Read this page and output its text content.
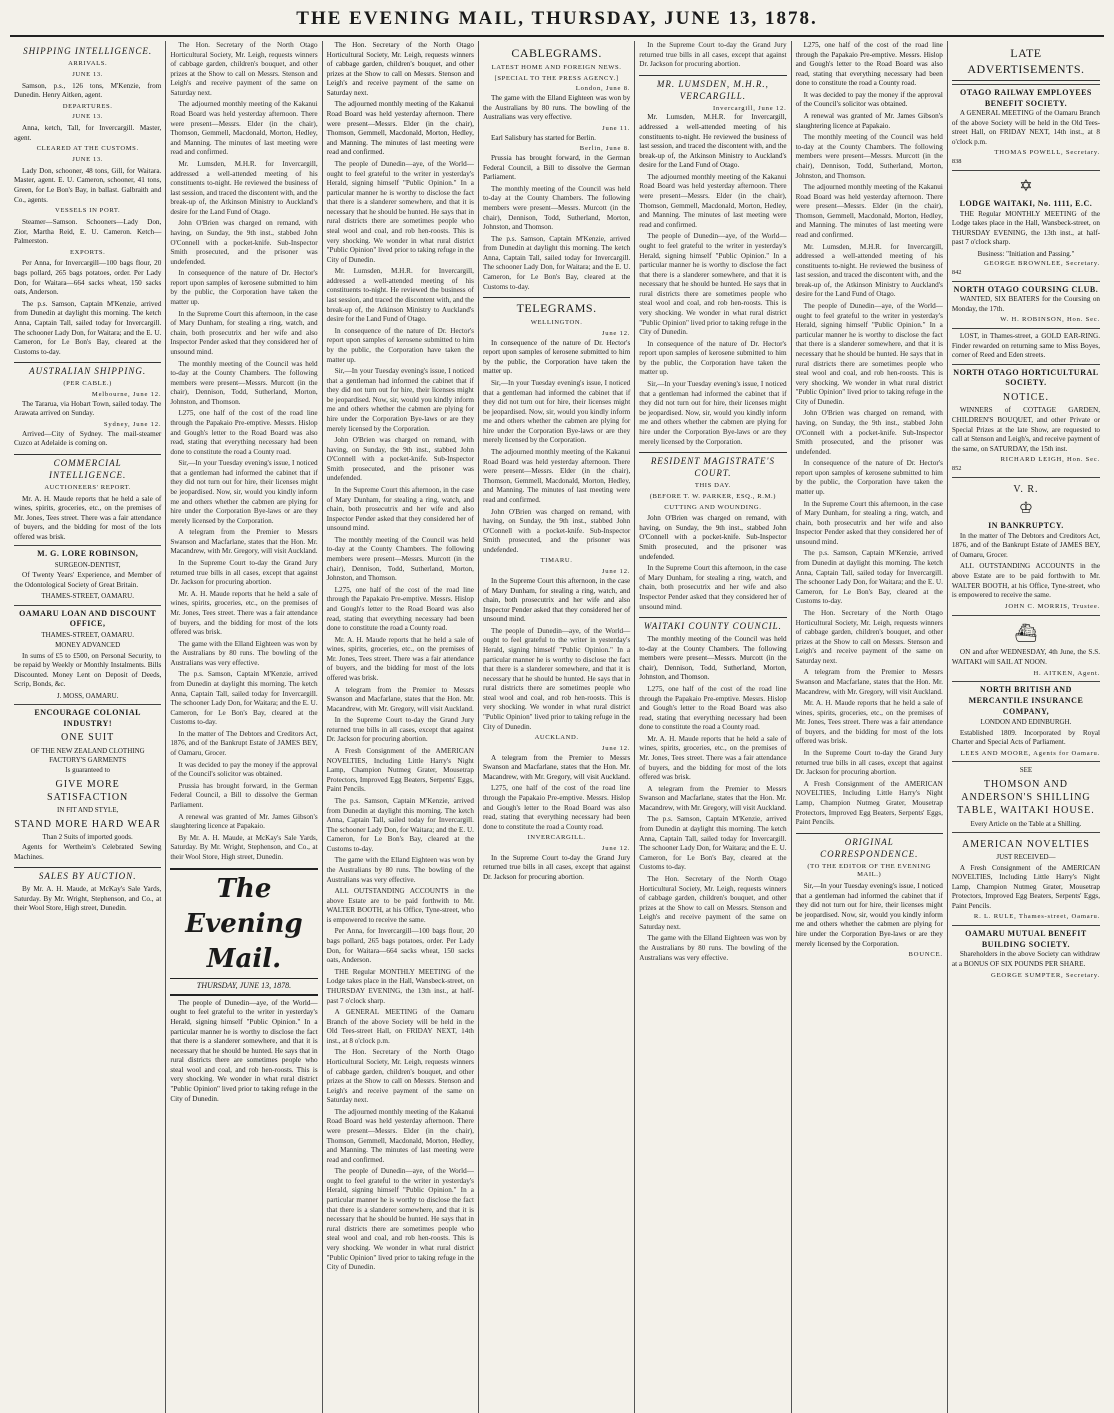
THE EVENING MAIL, THURSDAY, JUNE 13, 1878.
SHIPPING INTELLIGENCE.
ARRIVALS.
JUNE 13.

Samson, p.s., 126 tons, M'Kenzie, from Dunedin. Henry Aitken, agent.

DEPARTURES.
JUNE 13.

Anna, ketch, Tall, for Invercargill. Master, agent.

CLEARED AT THE CUSTOMS.
JUNE 13.

Lady Don, schooner, 48 tons, Gill, for Waitara. Master, agent. E. U. Cameron, schooner, 41 tons, Green, for Le Bon's Bay, in ballast. Galbraith and Co., agents.

VESSELS IN PORT.

Steamer—Samson. Schooners—Lady Don, Zior, Martha Reid, E. U. Cameron. Ketch—Palmerston.

EXPORTS.

Per Anna, for Invercargill—100 bags flour, 20 bags pollard, 265 bags potatoes, order. Per Lady Don, for Waitara—664 sacks wheat, 150 sacks oats, Anderson.

The p.s. Samson, Captain M'Kenzie, arrived from Dunedin at daylight this morning. The ketch Anna, Captain Tall, sailed today for Invercargill. The schooner Lady Don, for Waitara; and the E. U. Cameron, for Le Bon's Bay, cleared at the Customs to-day.

AUSTRALIAN SHIPPING.
(PER CABLE.)
Melbourne, June 12.

The Tararua, via Hobart Town, sailed today. The Arawata arrived on Sunday.

Sydney, June 12.

Arrived—City of Sydney. The mail-steamer Cuzco at Adelaide is coming on.

COMMERCIAL INTELLIGENCE.
AUCTIONEERS' REPORT.

Mr. A. H. Maude reports that he held a sale of wines, spirits, groceries, etc., on the premises of Mr. Jones, Tees street. There was a fair attendance of buyers, and the bidding for most of the lots offered was brisk.

M. G. LORE ROBINSON,
SURGEON-DENTIST,

Of Twenty Years' Experience, and Member of the Odontological Society of Great Britain.

THAMES-STREET, OAMARU.
OAMARU LOAN AND DISCOUNT OFFICE,
THAMES-STREET, OAMARU.
MONEY ADVANCED

In sums of £5 to £500, on Personal Security, to be repaid by Weekly or Monthly Instalments. Bills Discounted. Money Lent on Deposit of Deeds, Scrip, Bonds, &c.

J. MOSS, OAMARU.
ENCOURAGE COLONIAL INDUSTRY!
ONE SUIT
OF THE NEW ZEALAND CLOTHING FACTORY'S GARMENTS
Is guaranteed to
GIVE MORE SATISFACTION
IN FIT AND STYLE,
STAND MORE HARD WEAR
Than 2 Suits of imported goods.

Agents for Wertheim's Celebrated Sewing Machines.

SALES BY AUCTION.

By Mr. A. H. Maude, at McKay's Sale Yards, Saturday. By Mr. Wright, Stephenson, and Co., at their Wool Store, High street, Dunedin.

The Hon. Secretary of the North Otago Horticultural Society, Mr. Leigh, requests winners of cabbage garden, children's bouquet, and other prizes at the Show to call on Messrs. Stenson and Leigh's and receive payment of the same on Saturday next.

The adjourned monthly meeting of the Kakanui Road Board was held yesterday afternoon. There were present—Messrs. Elder (in the chair), Thomson, Gemmell, Macdonald, Morton, Hedley, and Manning. The minutes of last meeting were read and confirmed.

Mr. Lumsden, M.H.R. for Invercargill, addressed a well-attended meeting of his constituents to-night. He reviewed the business of last session, and traced the discontent with, and the break-up of, the Atkinson Ministry to Auckland's desire for the Land Fund of Otago.

John O'Brien was charged on remand, with having, on Sunday, the 9th inst., stabbed John O'Connell with a pocket-knife. Sub-Inspector Smith prosecuted, and the prisoner was undefended.

In consequence of the nature of Dr. Hector's report upon samples of kerosene submitted to him by the public, the Corporation have taken the matter up.

In the Supreme Court this afternoon, in the case of Mary Dunham, for stealing a ring, watch, and chain, both prosecutrix and her wife and also Inspector Pender asked that they considered her of unsound mind.

The monthly meeting of the Council was held to-day at the County Chambers. The following members were present—Messrs. Murcott (in the chair), Dennison, Todd, Sutherland, Morton, Johnston, and Thomson.

L275, one half of the cost of the road line through the Papakaio Pre-emptive. Messrs. Hislop and Gough's letter to the Road Board was also read, stating that everything necessary had been done to constitute the road a County road.

Sir,—In your Tuesday evening's issue, I noticed that a gentleman had informed the cabinet that if they did not turn out for hire, their licenses might be jeopardised. Now, sir, would you kindly inform me and others whether the cabmen are plying for hire under the Corporation Bye-laws or are they merely licensed by the Corporation.

A telegram from the Premier to Messrs Swanson and Macfarlane, states that the Hon. Mr. Macandrew, with Mr. Gregory, will visit Auckland.

In the Supreme Court to-day the Grand Jury returned true bills in all cases, except that against Dr. Jackson for procuring abortion.

Mr. A. H. Maude reports that he held a sale of wines, spirits, groceries, etc., on the premises of Mr. Jones, Tees street. There was a fair attendance of buyers, and the bidding for most of the lots offered was brisk.

The game with the Elland Eighteen was won by the Australians by 80 runs. The bowling of the Australians was very effective.

The p.s. Samson, Captain M'Kenzie, arrived from Dunedin at daylight this morning. The ketch Anna, Captain Tall, sailed today for Invercargill. The schooner Lady Don, for Waitara; and the E. U. Cameron, for Le Bon's Bay, cleared at the Customs to-day.

In the matter of The Debtors and Creditors Act, 1876, and of the Bankrupt Estate of JAMES BEY, of Oamaru, Grocer.

It was decided to pay the money if the approval of the Council's solicitor was obtained.

Prussia has brought forward, in the German Federal Council, a Bill to dissolve the German Parliament.

A renewal was granted of Mr. James Gibson's slaughtering licence at Papakaio.

By Mr. A. H. Maude, at McKay's Sale Yards, Saturday. By Mr. Wright, Stephenson, and Co., at their Wool Store, High street, Dunedin.

The Evening Mail.
THURSDAY, JUNE 13, 1878.

The people of Dunedin—aye, of the World—ought to feel grateful to the writer in yesterday's Herald, signing himself "Public Opinion." In a particular manner he is worthy to disclose the fact that there is a slanderer somewhere, and that it is necessary that he should be hunted. He says that in rural districts there are sometimes people who steal wool and coal, and rob hen-roosts. This is very shocking. We wonder in what rural district "Public Opinion" lived prior to taking refuge in the City of Dunedin.

The Hon. Secretary of the North Otago Horticultural Society, Mr. Leigh, requests winners of cabbage garden, children's bouquet, and other prizes at the Show to call on Messrs. Stenson and Leigh's and receive payment of the same on Saturday next.

The adjourned monthly meeting of the Kakanui Road Board was held yesterday afternoon. There were present—Messrs. Elder (in the chair), Thomson, Gemmell, Macdonald, Morton, Hedley, and Manning. The minutes of last meeting were read and confirmed.

The people of Dunedin—aye, of the World—ought to feel grateful to the writer in yesterday's Herald, signing himself "Public Opinion." In a particular manner he is worthy to disclose the fact that there is a slanderer somewhere, and that it is necessary that he should be hunted. He says that in rural districts there are sometimes people who steal wool and coal, and rob hen-roosts. This is very shocking. We wonder in what rural district "Public Opinion" lived prior to taking refuge in the City of Dunedin.

Mr. Lumsden, M.H.R. for Invercargill, addressed a well-attended meeting of his constituents to-night. He reviewed the business of last session, and traced the discontent with, and the break-up of, the Atkinson Ministry to Auckland's desire for the Land Fund of Otago.

In consequence of the nature of Dr. Hector's report upon samples of kerosene submitted to him by the public, the Corporation have taken the matter up.

Sir,—In your Tuesday evening's issue, I noticed that a gentleman had informed the cabinet that if they did not turn out for hire, their licenses might be jeopardised. Now, sir, would you kindly inform me and others whether the cabmen are plying for hire under the Corporation Bye-laws or are they merely licensed by the Corporation.

John O'Brien was charged on remand, with having, on Sunday, the 9th inst., stabbed John O'Connell with a pocket-knife. Sub-Inspector Smith prosecuted, and the prisoner was undefended.

In the Supreme Court this afternoon, in the case of Mary Dunham, for stealing a ring, watch, and chain, both prosecutrix and her wife and also Inspector Pender asked that they considered her of unsound mind.

The monthly meeting of the Council was held to-day at the County Chambers. The following members were present—Messrs. Murcott (in the chair), Dennison, Todd, Sutherland, Morton, Johnston, and Thomson.

L275, one half of the cost of the road line through the Papakaio Pre-emptive. Messrs. Hislop and Gough's letter to the Road Board was also read, stating that everything necessary had been done to constitute the road a County road.

Mr. A. H. Maude reports that he held a sale of wines, spirits, groceries, etc., on the premises of Mr. Jones, Tees street. There was a fair attendance of buyers, and the bidding for most of the lots offered was brisk.

A telegram from the Premier to Messrs Swanson and Macfarlane, states that the Hon. Mr. Macandrew, with Mr. Gregory, will visit Auckland.

In the Supreme Court to-day the Grand Jury returned true bills in all cases, except that against Dr. Jackson for procuring abortion.

A Fresh Consignment of the AMERICAN NOVELTIES, Including Little Harry's Night Lamp, Champion Nutmeg Grater, Mousetrap Protectors, Improved Egg Beaters, Serpents' Eggs, Paint Pencils.

The p.s. Samson, Captain M'Kenzie, arrived from Dunedin at daylight this morning. The ketch Anna, Captain Tall, sailed today for Invercargill. The schooner Lady Don, for Waitara; and the E. U. Cameron, for Le Bon's Bay, cleared at the Customs to-day.

The game with the Elland Eighteen was won by the Australians by 80 runs. The bowling of the Australians was very effective.

ALL OUTSTANDING ACCOUNTS in the above Estate are to be paid forthwith to Mr. WALTER BOOTH, at his Office, Tyne-street, who is empowered to receive the same.

Per Anna, for Invercargill—100 bags flour, 20 bags pollard, 265 bags potatoes, order. Per Lady Don, for Waitara—664 sacks wheat, 150 sacks oats, Anderson.

THE Regular MONTHLY MEETING of the Lodge takes place in the Hall, Wansbeck-street, on THURSDAY EVENING, the 13th inst., at half-past 7 o'clock sharp.

A GENERAL MEETING of the Oamaru Branch of the above Society will be held in the Old Tees-street Hall, on FRIDAY NEXT, 14th inst., at 8 o'clock p.m.

The Hon. Secretary of the North Otago Horticultural Society, Mr. Leigh, requests winners of cabbage garden, children's bouquet, and other prizes at the Show to call on Messrs. Stenson and Leigh's and receive payment of the same on Saturday next.

The adjourned monthly meeting of the Kakanui Road Board was held yesterday afternoon. There were present—Messrs. Elder (in the chair), Thomson, Gemmell, Macdonald, Morton, Hedley, and Manning. The minutes of last meeting were read and confirmed.

The people of Dunedin—aye, of the World—ought to feel grateful to the writer in yesterday's Herald, signing himself "Public Opinion." In a particular manner he is worthy to disclose the fact that there is a slanderer somewhere, and that it is necessary that he should be hunted. He says that in rural districts there are sometimes people who steal wool and coal, and rob hen-roosts. This is very shocking. We wonder in what rural district "Public Opinion" lived prior to taking refuge in the City of Dunedin.

CABLEGRAMS.
LATEST HOME AND FOREIGN NEWS.
[SPECIAL TO THE PRESS AGENCY.]
London, June 8.

The game with the Elland Eighteen was won by the Australians by 80 runs. The bowling of the Australians was very effective.

June 11.

Earl Salisbury has started for Berlin.

Berlin, June 8.

Prussia has brought forward, in the German Federal Council, a Bill to dissolve the German Parliament.

The monthly meeting of the Council was held to-day at the County Chambers. The following members were present—Messrs. Murcott (in the chair), Dennison, Todd, Sutherland, Morton, Johnston, and Thomson.

The p.s. Samson, Captain M'Kenzie, arrived from Dunedin at daylight this morning. The ketch Anna, Captain Tall, sailed today for Invercargill. The schooner Lady Don, for Waitara; and the E. U. Cameron, for Le Bon's Bay, cleared at the Customs to-day.

TELEGRAMS.
WELLINGTON.
June 12.

In consequence of the nature of Dr. Hector's report upon samples of kerosene submitted to him by the public, the Corporation have taken the matter up.

Sir,—In your Tuesday evening's issue, I noticed that a gentleman had informed the cabinet that if they did not turn out for hire, their licenses might be jeopardised. Now, sir, would you kindly inform me and others whether the cabmen are plying for hire under the Corporation Bye-laws or are they merely licensed by the Corporation.

The adjourned monthly meeting of the Kakanui Road Board was held yesterday afternoon. There were present—Messrs. Elder (in the chair), Thomson, Gemmell, Macdonald, Morton, Hedley, and Manning. The minutes of last meeting were read and confirmed.

John O'Brien was charged on remand, with having, on Sunday, the 9th inst., stabbed John O'Connell with a pocket-knife. Sub-Inspector Smith prosecuted, and the prisoner was undefended.

TIMARU.
June 12.

In the Supreme Court this afternoon, in the case of Mary Dunham, for stealing a ring, watch, and chain, both prosecutrix and her wife and also Inspector Pender asked that they considered her of unsound mind.

The people of Dunedin—aye, of the World—ought to feel grateful to the writer in yesterday's Herald, signing himself "Public Opinion." In a particular manner he is worthy to disclose the fact that there is a slanderer somewhere, and that it is necessary that he should be hunted. He says that in rural districts there are sometimes people who steal wool and coal, and rob hen-roosts. This is very shocking. We wonder in what rural district "Public Opinion" lived prior to taking refuge in the City of Dunedin.

AUCKLAND.
June 12.

A telegram from the Premier to Messrs Swanson and Macfarlane, states that the Hon. Mr. Macandrew, with Mr. Gregory, will visit Auckland.

L275, one half of the cost of the road line through the Papakaio Pre-emptive. Messrs. Hislop and Gough's letter to the Road Board was also read, stating that everything necessary had been done to constitute the road a County road.

INVERCARGILL.
June 12.

In the Supreme Court to-day the Grand Jury returned true bills in all cases, except that against Dr. Jackson for procuring abortion.

In the Supreme Court to-day the Grand Jury returned true bills in all cases, except that against Dr. Jackson for procuring abortion.

MR. LUMSDEN, M.H.R., VERCARGILL.
Invercargill, June 12.

Mr. Lumsden, M.H.R. for Invercargill, addressed a well-attended meeting of his constituents to-night. He reviewed the business of last session, and traced the discontent with, and the break-up of, the Atkinson Ministry to Auckland's desire for the Land Fund of Otago.

The adjourned monthly meeting of the Kakanui Road Board was held yesterday afternoon. There were present—Messrs. Elder (in the chair), Thomson, Gemmell, Macdonald, Morton, Hedley, and Manning. The minutes of last meeting were read and confirmed.

The people of Dunedin—aye, of the World—ought to feel grateful to the writer in yesterday's Herald, signing himself "Public Opinion." In a particular manner he is worthy to disclose the fact that there is a slanderer somewhere, and that it is necessary that he should be hunted. He says that in rural districts there are sometimes people who steal wool and coal, and rob hen-roosts. This is very shocking. We wonder in what rural district "Public Opinion" lived prior to taking refuge in the City of Dunedin.

In consequence of the nature of Dr. Hector's report upon samples of kerosene submitted to him by the public, the Corporation have taken the matter up.

Sir,—In your Tuesday evening's issue, I noticed that a gentleman had informed the cabinet that if they did not turn out for hire, their licenses might be jeopardised. Now, sir, would you kindly inform me and others whether the cabmen are plying for hire under the Corporation Bye-laws or are they merely licensed by the Corporation.

RESIDENT MAGISTRATE'S COURT.
THIS DAY.
(BEFORE T. W. PARKER, ESQ., R.M.)
CUTTING AND WOUNDING.

John O'Brien was charged on remand, with having, on Sunday, the 9th inst., stabbed John O'Connell with a pocket-knife. Sub-Inspector Smith prosecuted, and the prisoner was undefended.

In the Supreme Court this afternoon, in the case of Mary Dunham, for stealing a ring, watch, and chain, both prosecutrix and her wife and also Inspector Pender asked that they considered her of unsound mind.

WAITAKI COUNTY COUNCIL.

The monthly meeting of the Council was held to-day at the County Chambers. The following members were present—Messrs. Murcott (in the chair), Dennison, Todd, Sutherland, Morton, Johnston, and Thomson.

L275, one half of the cost of the road line through the Papakaio Pre-emptive. Messrs. Hislop and Gough's letter to the Road Board was also read, stating that everything necessary had been done to constitute the road a County road.

Mr. A. H. Maude reports that he held a sale of wines, spirits, groceries, etc., on the premises of Mr. Jones, Tees street. There was a fair attendance of buyers, and the bidding for most of the lots offered was brisk.

A telegram from the Premier to Messrs Swanson and Macfarlane, states that the Hon. Mr. Macandrew, with Mr. Gregory, will visit Auckland.

The p.s. Samson, Captain M'Kenzie, arrived from Dunedin at daylight this morning. The ketch Anna, Captain Tall, sailed today for Invercargill. The schooner Lady Don, for Waitara; and the E. U. Cameron, for Le Bon's Bay, cleared at the Customs to-day.

The Hon. Secretary of the North Otago Horticultural Society, Mr. Leigh, requests winners of cabbage garden, children's bouquet, and other prizes at the Show to call on Messrs. Stenson and Leigh's and receive payment of the same on Saturday next.

The game with the Elland Eighteen was won by the Australians by 80 runs. The bowling of the Australians was very effective.

L275, one half of the cost of the road line through the Papakaio Pre-emptive. Messrs. Hislop and Gough's letter to the Road Board was also read, stating that everything necessary had been done to constitute the road a County road.

It was decided to pay the money if the approval of the Council's solicitor was obtained.

A renewal was granted of Mr. James Gibson's slaughtering licence at Papakaio.

The monthly meeting of the Council was held to-day at the County Chambers. The following members were present—Messrs. Murcott (in the chair), Dennison, Todd, Sutherland, Morton, Johnston, and Thomson.

The adjourned monthly meeting of the Kakanui Road Board was held yesterday afternoon. There were present—Messrs. Elder (in the chair), Thomson, Gemmell, Macdonald, Morton, Hedley, and Manning. The minutes of last meeting were read and confirmed.

Mr. Lumsden, M.H.R. for Invercargill, addressed a well-attended meeting of his constituents to-night. He reviewed the business of last session, and traced the discontent with, and the break-up of, the Atkinson Ministry to Auckland's desire for the Land Fund of Otago.

The people of Dunedin—aye, of the World—ought to feel grateful to the writer in yesterday's Herald, signing himself "Public Opinion." In a particular manner he is worthy to disclose the fact that there is a slanderer somewhere, and that it is necessary that he should be hunted. He says that in rural districts there are sometimes people who steal wool and coal, and rob hen-roosts. This is very shocking. We wonder in what rural district "Public Opinion" lived prior to taking refuge in the City of Dunedin.

John O'Brien was charged on remand, with having, on Sunday, the 9th inst., stabbed John O'Connell with a pocket-knife. Sub-Inspector Smith prosecuted, and the prisoner was undefended.

In consequence of the nature of Dr. Hector's report upon samples of kerosene submitted to him by the public, the Corporation have taken the matter up.

In the Supreme Court this afternoon, in the case of Mary Dunham, for stealing a ring, watch, and chain, both prosecutrix and her wife and also Inspector Pender asked that they considered her of unsound mind.

The p.s. Samson, Captain M'Kenzie, arrived from Dunedin at daylight this morning. The ketch Anna, Captain Tall, sailed today for Invercargill. The schooner Lady Don, for Waitara; and the E. U. Cameron, for Le Bon's Bay, cleared at the Customs to-day.

The Hon. Secretary of the North Otago Horticultural Society, Mr. Leigh, requests winners of cabbage garden, children's bouquet, and other prizes at the Show to call on Messrs. Stenson and Leigh's and receive payment of the same on Saturday next.

A telegram from the Premier to Messrs Swanson and Macfarlane, states that the Hon. Mr. Macandrew, with Mr. Gregory, will visit Auckland.

Mr. A. H. Maude reports that he held a sale of wines, spirits, groceries, etc., on the premises of Mr. Jones, Tees street. There was a fair attendance of buyers, and the bidding for most of the lots offered was brisk.

In the Supreme Court to-day the Grand Jury returned true bills in all cases, except that against Dr. Jackson for procuring abortion.

A Fresh Consignment of the AMERICAN NOVELTIES, Including Little Harry's Night Lamp, Champion Nutmeg Grater, Mousetrap Protectors, Improved Egg Beaters, Serpents' Eggs, Paint Pencils.

ORIGINAL CORRESPONDENCE.
(TO THE EDITOR OF THE EVENING MAIL.)

Sir,—In your Tuesday evening's issue, I noticed that a gentleman had informed the cabinet that if they did not turn out for hire, their licenses might be jeopardised. Now, sir, would you kindly inform me and others whether the cabmen are plying for hire under the Corporation Bye-laws or are they merely licensed by the Corporation.

BOUNCE.
LATE ADVERTISEMENTS.
OTAGO RAILWAY EMPLOYEES BENEFIT SOCIETY.

A GENERAL MEETING of the Oamaru Branch of the above Society will be held in the Old Tees-street Hall, on FRIDAY NEXT, 14th inst., at 8 o'clock p.m.

THOMAS POWELL, Secretary.
838
✡
LODGE WAITAKI, No. 1111, E.C.

THE Regular MONTHLY MEETING of the Lodge takes place in the Hall, Wansbeck-street, on THURSDAY EVENING, the 13th inst., at half-past 7 o'clock sharp.

Business: "Initiation and Passing."
GEORGE BROWNLEE, Secretary.
842
NORTH OTAGO COURSING CLUB.

WANTED, SIX BEATERS for the Coursing on Monday, the 17th.

W. H. ROBINSON, Hon. Sec.

LOST, in Thames-street, a GOLD EAR-RING. Finder rewarded on returning same to Miss Boyes, corner of Reed and Eden streets.

NORTH OTAGO HORTICULTURAL SOCIETY.
NOTICE.

WINNERS of COTTAGE GARDEN, CHILDREN'S BOUQUET, and other Private or Special Prizes at the late Show, are requested to call at Stenson and Leigh's, and receive payment of the same, on SATURDAY, the 15th inst.

RICHARD LEIGH, Hon. Sec.
852
V. R.
♔
IN BANKRUPTCY.

In the matter of The Debtors and Creditors Act, 1876, and of the Bankrupt Estate of JAMES BEY, of Oamaru, Grocer.

ALL OUTSTANDING ACCOUNTS in the above Estate are to be paid forthwith to Mr. WALTER BOOTH, at his Office, Tyne-street, who is empowered to receive the same.

JOHN C. MORRIS, Trustee.
⛴

ON and after WEDNESDAY, 4th June, the S.S. WAITAKI will SAIL AT NOON.

H. AITKEN, Agent.
NORTH BRITISH AND MERCANTILE INSURANCE COMPANY,
LONDON AND EDINBURGH.

Established 1809. Incorporated by Royal Charter and Special Acts of Parliament.

LEES AND MOORE, Agents for Oamaru.
SEE
THOMSON AND ANDERSON'S SHILLING TABLE, WAITAKI HOUSE.
Every Article on the Table at a Shilling.
AMERICAN NOVELTIES
JUST RECEIVED—

A Fresh Consignment of the AMERICAN NOVELTIES, Including Little Harry's Night Lamp, Champion Nutmeg Grater, Mousetrap Protectors, Improved Egg Beaters, Serpents' Eggs, Paint Pencils.

R. L. RULE, Thames-street, Oamaru.
OAMARU MUTUAL BENEFIT BUILDING SOCIETY.

Shareholders in the above Society can withdraw at a BONUS OF SIX POUNDS PER SHARE.

GEORGE SUMPTER, Secretary.
